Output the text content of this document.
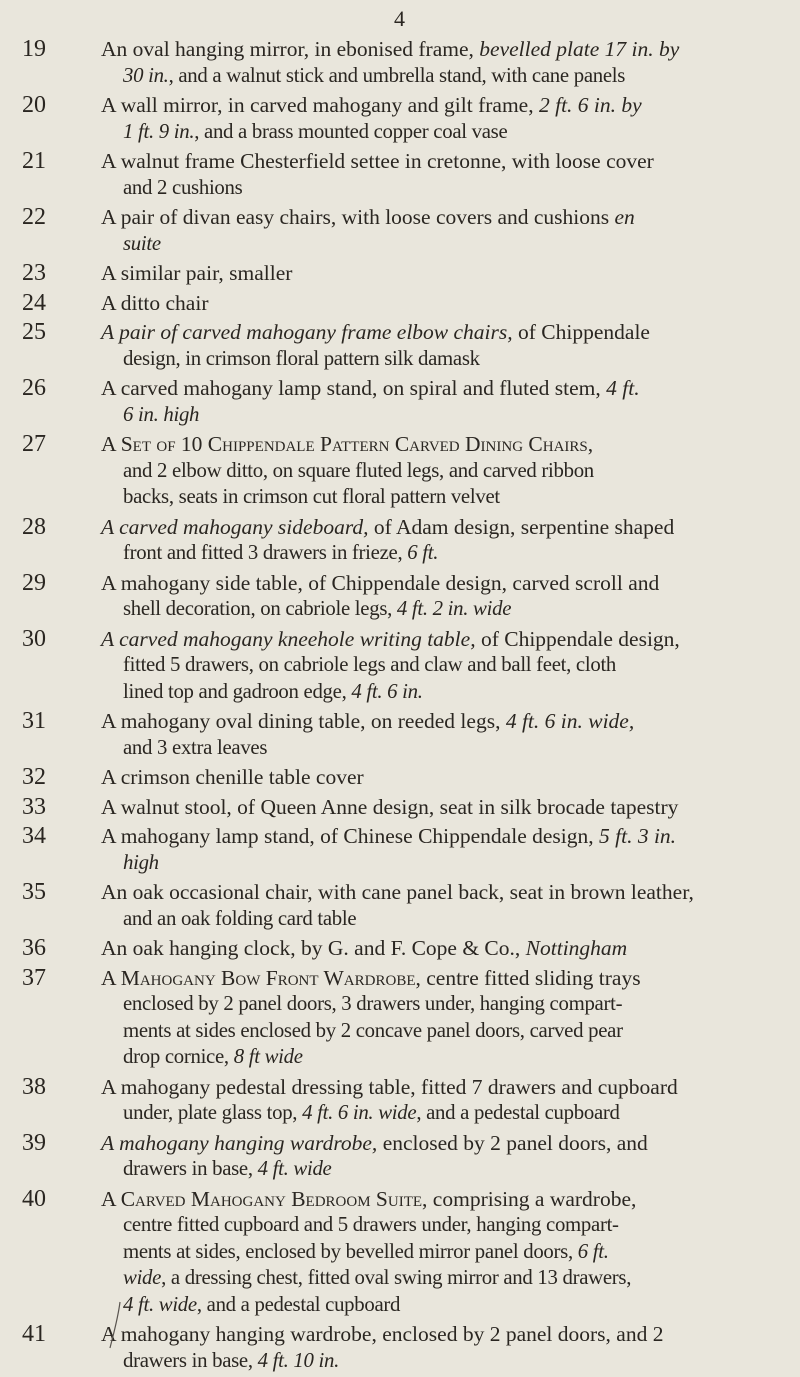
4
19	An oval hanging mirror, in ebonised frame, bevelled plate 17 in. by
30 in., and a walnut stick and umbrella stand, with cane panels
20	A wall mirror, in carved mahogany and gilt frame, 2 ft. 6 in. by
1 ft. 9 in., and a brass mounted copper coal vase
21	A walnut frame Chesterfield settee in cretonne, with loose cover
and 2 cushions
22	A pair of divan easy chairs, with loose covers and cushions en
suite
23	A similar pair, smaller
24	A ditto chair
25	A pair of carved mahogany frame elbow chairs, of Chippendale
design, in crimson floral pattern silk damask
26	A carved mahogany lamp stand, on spiral and fluted stem, 4 ft.
6 in. high
27	A Set of 10 Chippendale Pattern Carved Dining Chairs,
and 2 elbow ditto, on square fluted legs, and carved ribbon
backs, seats in crimson cut floral pattern velvet
28	A carved mahogany sideboard, of Adam design, serpentine shaped
front and fitted 3 drawers in frieze, 6 ft.
29	A mahogany side table, of Chippendale design, carved scroll and
shell decoration, on cabriole legs, 4 ft. 2 in. wide
30	A carved mahogany kneehole writing table, of Chippendale design,
fitted 5 drawers, on cabriole legs and claw and ball feet, cloth
lined top and gadroon edge, 4 ft. 6 in.
31	A mahogany oval dining table, on reeded legs, 4 ft. 6 in. wide,
and 3 extra leaves
32	A crimson chenille table cover
33	A walnut stool, of Queen Anne design, seat in silk brocade tapestry
34	A mahogany lamp stand, of Chinese Chippendale design, 5 ft. 3 in.
high
35	An oak occasional chair, with cane panel back, seat in brown leather,
and an oak folding card table
36	An oak hanging clock, by G. and F. Cope & Co., Nottingham
37	A Mahogany Bow Front Wardrobe, centre fitted sliding trays
enclosed by 2 panel doors, 3 drawers under, hanging compart-
ments at sides enclosed by 2 concave panel doors, carved pear
drop cornice, 8 ft wide
38	A mahogany pedestal dressing table, fitted 7 drawers and cupboard
under, plate glass top, 4 ft. 6 in. wide, and a pedestal cupboard
39	A mahogany hanging wardrobe, enclosed by 2 panel doors, and
drawers in base, 4 ft. wide
40	A Carved Mahogany Bedroom Suite, comprising a wardrobe,
centre fitted cupboard and 5 drawers under, hanging compart-
ments at sides, enclosed by bevelled mirror panel doors, 6 ft.
wide, a dressing chest, fitted oval swing mirror and 13 drawers,
4 ft. wide, and a pedestal cupboard
41	A mahogany hanging wardrobe, enclosed by 2 panel doors, and 2
drawers in base, 4 ft. 10 in.
